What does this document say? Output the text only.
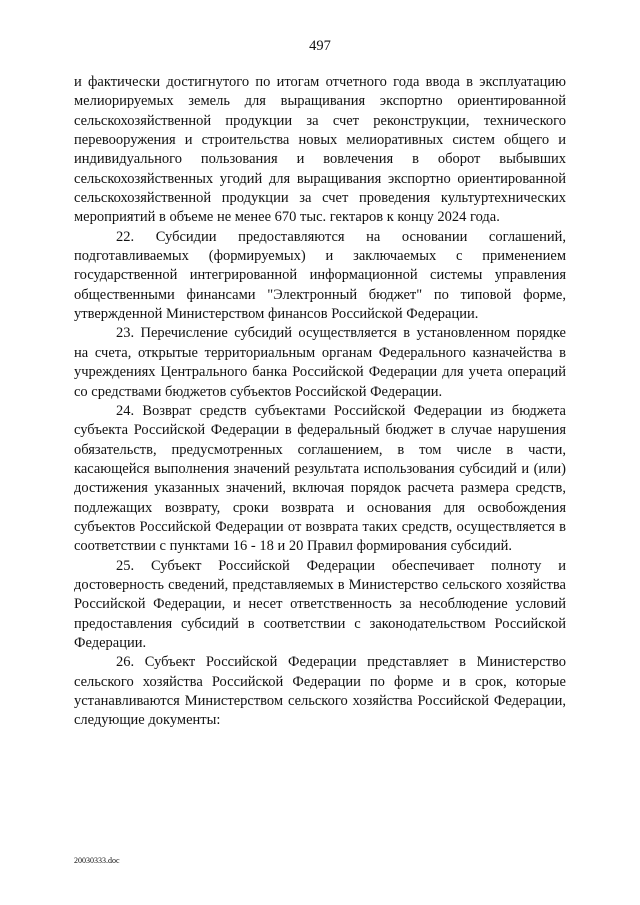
497

и фактически достигнутого по итогам отчетного года ввода в эксплуатацию мелиорируемых земель для выращивания экспортно ориентированной сельскохозяйственной продукции за счет реконструкции, технического перевооружения и строительства новых мелиоративных систем общего и индивидуального пользования и вовлечения в оборот выбывших сельскохозяйственных угодий для выращивания экспортно ориентированной сельскохозяйственной продукции за счет проведения культуртехнических мероприятий в объеме не менее 670 тыс. гектаров к концу 2024 года.

22. Субсидии предоставляются на основании соглашений, подготавливаемых (формируемых) и заключаемых с применением государственной интегрированной информационной системы управления общественными финансами "Электронный бюджет" по типовой форме, утвержденной Министерством финансов Российской Федерации.

23. Перечисление субсидий осуществляется в установленном порядке на счета, открытые территориальным органам Федерального казначейства в учреждениях Центрального банка Российской Федерации для учета операций со средствами бюджетов субъектов Российской Федерации.

24. Возврат средств субъектами Российской Федерации из бюджета субъекта Российской Федерации в федеральный бюджет в случае нарушения обязательств, предусмотренных соглашением, в том числе в части, касающейся выполнения значений результата использования субсидий и (или) достижения указанных значений, включая порядок расчета размера средств, подлежащих возврату, сроки возврата и основания для освобождения субъектов Российской Федерации от возврата таких средств, осуществляется в соответствии с пунктами 16 - 18 и 20 Правил формирования субсидий.

25. Субъект Российской Федерации обеспечивает полноту и достоверность сведений, представляемых в Министерство сельского хозяйства Российской Федерации, и несет ответственность за несоблюдение условий предоставления субсидий в соответствии с законодательством Российской Федерации.

26. Субъект Российской Федерации представляет в Министерство сельского хозяйства Российской Федерации по форме и в срок, которые устанавливаются Министерством сельского хозяйства Российской Федерации, следующие документы:

20030333.doc
